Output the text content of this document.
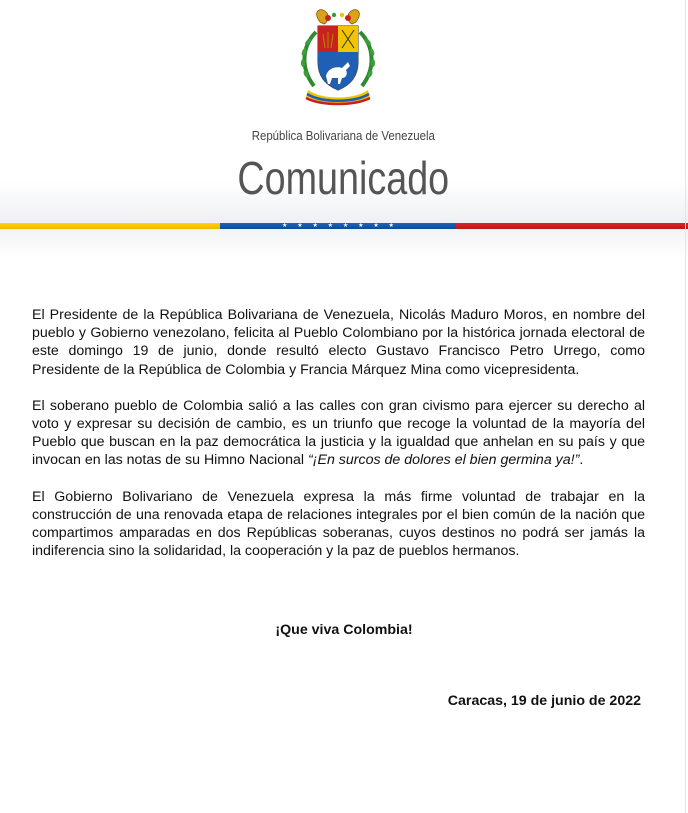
República Bolivariana de Venezuela
Comunicado
★ ★ ★ ★ ★ ★ ★ ★

El Presidente de la República Bolivariana de Venezuela, Nicolás Maduro Moros, en nombre del pueblo y Gobierno venezolano, felicita al Pueblo Colombiano por la histórica jornada electoral de este domingo 19 de junio, donde resultó electo Gustavo Francisco Petro Urrego, como Presidente de la República de Colombia y Francia Márquez Mina como vicepresidenta.

El soberano pueblo de Colombia salió a las calles con gran civismo para ejercer su derecho al voto y expresar su decisión de cambio, es un triunfo que recoge la voluntad de la mayoría del Pueblo que buscan en la paz democrática la justicia y la igualdad que anhelan en su país y que invocan en las notas de su Himno Nacional “¡En surcos de dolores el bien germina ya!”.

El Gobierno Bolivariano de Venezuela expresa la más firme voluntad de trabajar en la construcción de una renovada etapa de relaciones integrales por el bien común de la nación que compartimos amparadas en dos Repúblicas soberanas, cuyos destinos no podrá ser jamás la indiferencia sino la solidaridad, la cooperación y la paz de pueblos hermanos.

¡Que viva Colombia!
Caracas, 19 de junio de 2022
